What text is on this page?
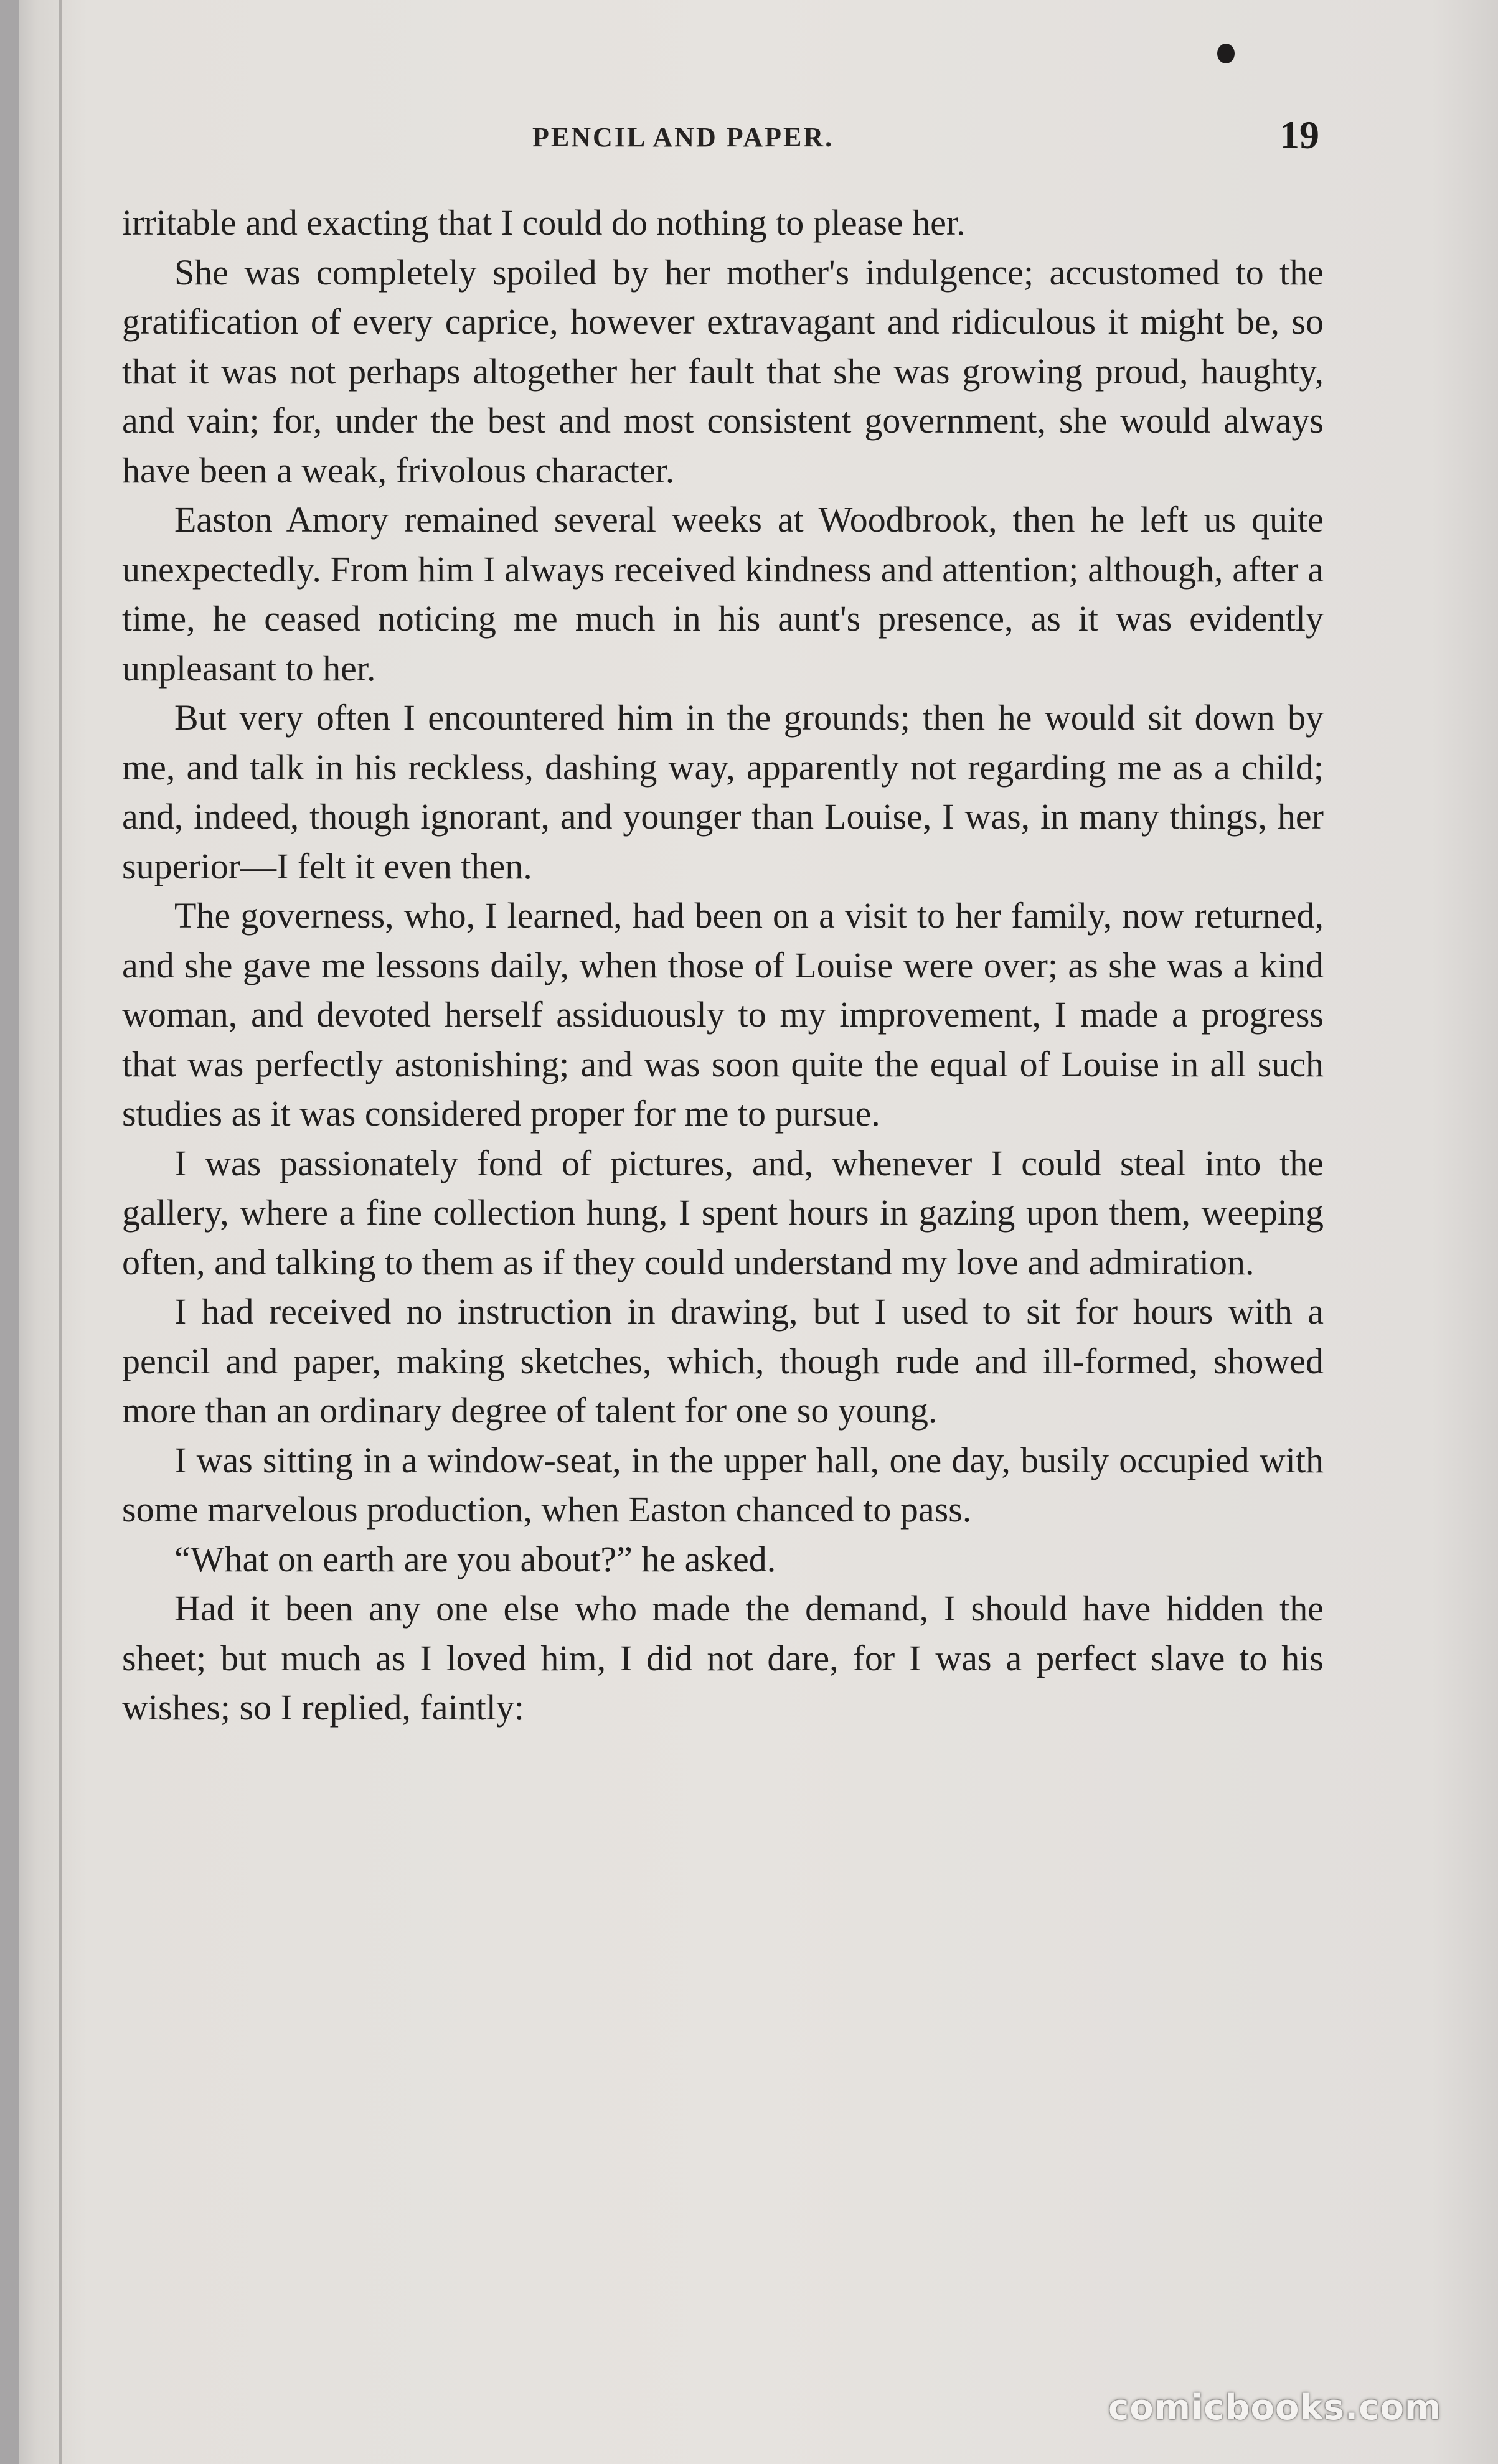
PENCIL AND PAPER.	19

irritable and exacting that I could do nothing to please her.

She was completely spoiled by her mother's indulgence; accustomed to the gratification of every caprice, however extravagant and ridiculous it might be, so that it was not perhaps altogether her fault that she was growing proud, haughty, and vain; for, under the best and most consistent government, she would always have been a weak, frivolous character.

Easton Amory remained several weeks at Woodbrook, then he left us quite unexpectedly. From him I always received kindness and attention; although, after a time, he ceased noticing me much in his aunt's presence, as it was evidently unpleasant to her.

But very often I encountered him in the grounds; then he would sit down by me, and talk in his reckless, dashing way, apparently not regarding me as a child; and, indeed, though ignorant, and younger than Louise, I was, in many things, her superior—I felt it even then.

The governess, who, I learned, had been on a visit to her family, now returned, and she gave me lessons daily, when those of Louise were over; as she was a kind woman, and devoted herself assiduously to my improvement, I made a progress that was perfectly astonishing; and was soon quite the equal of Louise in all such studies as it was considered proper for me to pursue.

I was passionately fond of pictures, and, whenever I could steal into the gallery, where a fine collection hung, I spent hours in gazing upon them, weeping often, and talking to them as if they could understand my love and admiration.

I had received no instruction in drawing, but I used to sit for hours with a pencil and paper, making sketches, which, though rude and ill-formed, showed more than an ordinary degree of talent for one so young.

I was sitting in a window-seat, in the upper hall, one day, busily occupied with some marvelous production, when Easton chanced to pass.

“What on earth are you about?” he asked.

Had it been any one else who made the demand, I should have hidden the sheet; but much as I loved him, I did not dare, for I was a perfect slave to his wishes; so I replied, faintly:

comicbooks.com
